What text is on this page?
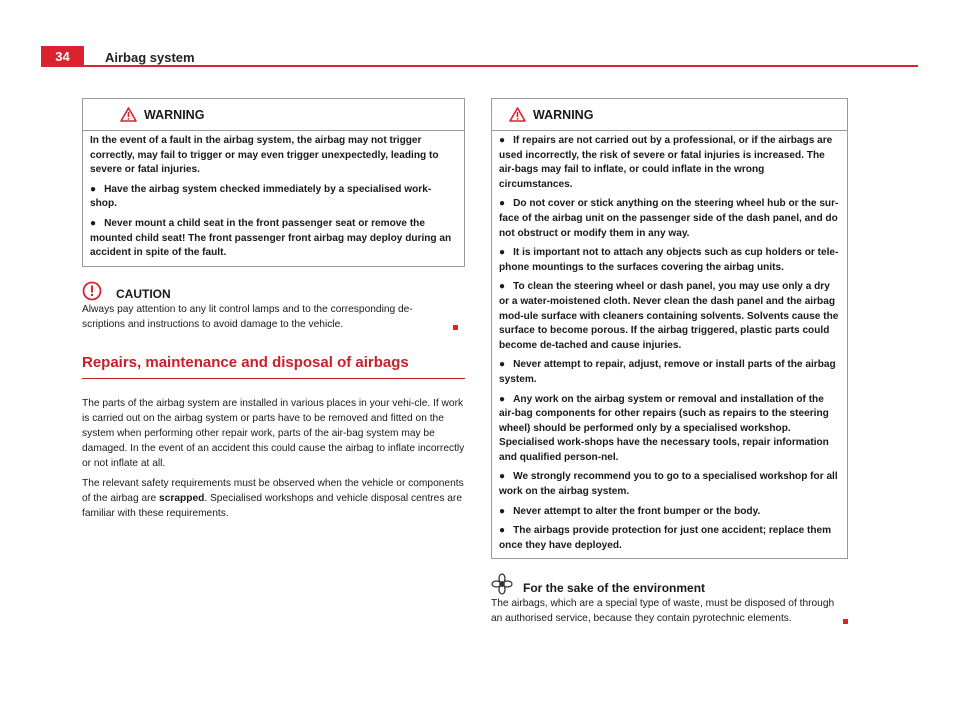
34	Airbag system
WARNING

In the event of a fault in the airbag system, the airbag may not trigger correctly, may fail to trigger or may even trigger unexpectedly, leading to severe or fatal injuries.

● Have the airbag system checked immediately by a specialised work-shop.

● Never mount a child seat in the front passenger seat or remove the mounted child seat! The front passenger front airbag may deploy during an accident in spite of the fault.

CAUTION

Always pay attention to any lit control lamps and to the corresponding de-scriptions and instructions to avoid damage to the vehicle.

Repairs, maintenance and disposal of airbags

The parts of the airbag system are installed in various places in your vehi-cle. If work is carried out on the airbag system or parts have to be removed and fitted on the system when performing other repair work, parts of the air-bag system may be damaged. In the event of an accident this could cause the airbag to inflate incorrectly or not inflate at all.

The relevant safety requirements must be observed when the vehicle or components of the airbag are scrapped. Specialised workshops and vehicle disposal centres are familiar with these requirements.

WARNING

● If repairs are not carried out by a professional, or if the airbags are used incorrectly, the risk of severe or fatal injuries is increased. The air-bags may fail to inflate, or could inflate in the wrong circumstances.

● Do not cover or stick anything on the steering wheel hub or the sur-face of the airbag unit on the passenger side of the dash panel, and do not obstruct or modify them in any way.

● It is important not to attach any objects such as cup holders or tele-phone mountings to the surfaces covering the airbag units.

● To clean the steering wheel or dash panel, you may use only a dry or a water-moistened cloth. Never clean the dash panel and the airbag mod-ule surface with cleaners containing solvents. Solvents cause the surface to become porous. If the airbag triggered, plastic parts could become de-tached and cause injuries.

● Never attempt to repair, adjust, remove or install parts of the airbag system.

● Any work on the airbag system or removal and installation of the air-bag components for other repairs (such as repairs to the steering wheel) should be performed only by a specialised workshop. Specialised work-shops have the necessary tools, repair information and qualified person-nel.

● We strongly recommend you to go to a specialised workshop for all work on the airbag system.

● Never attempt to alter the front bumper or the body.

● The airbags provide protection for just one accident; replace them once they have deployed.

For the sake of the environment

The airbags, which are a special type of waste, must be disposed of through an authorised service, because they contain pyrotechnic elements.
